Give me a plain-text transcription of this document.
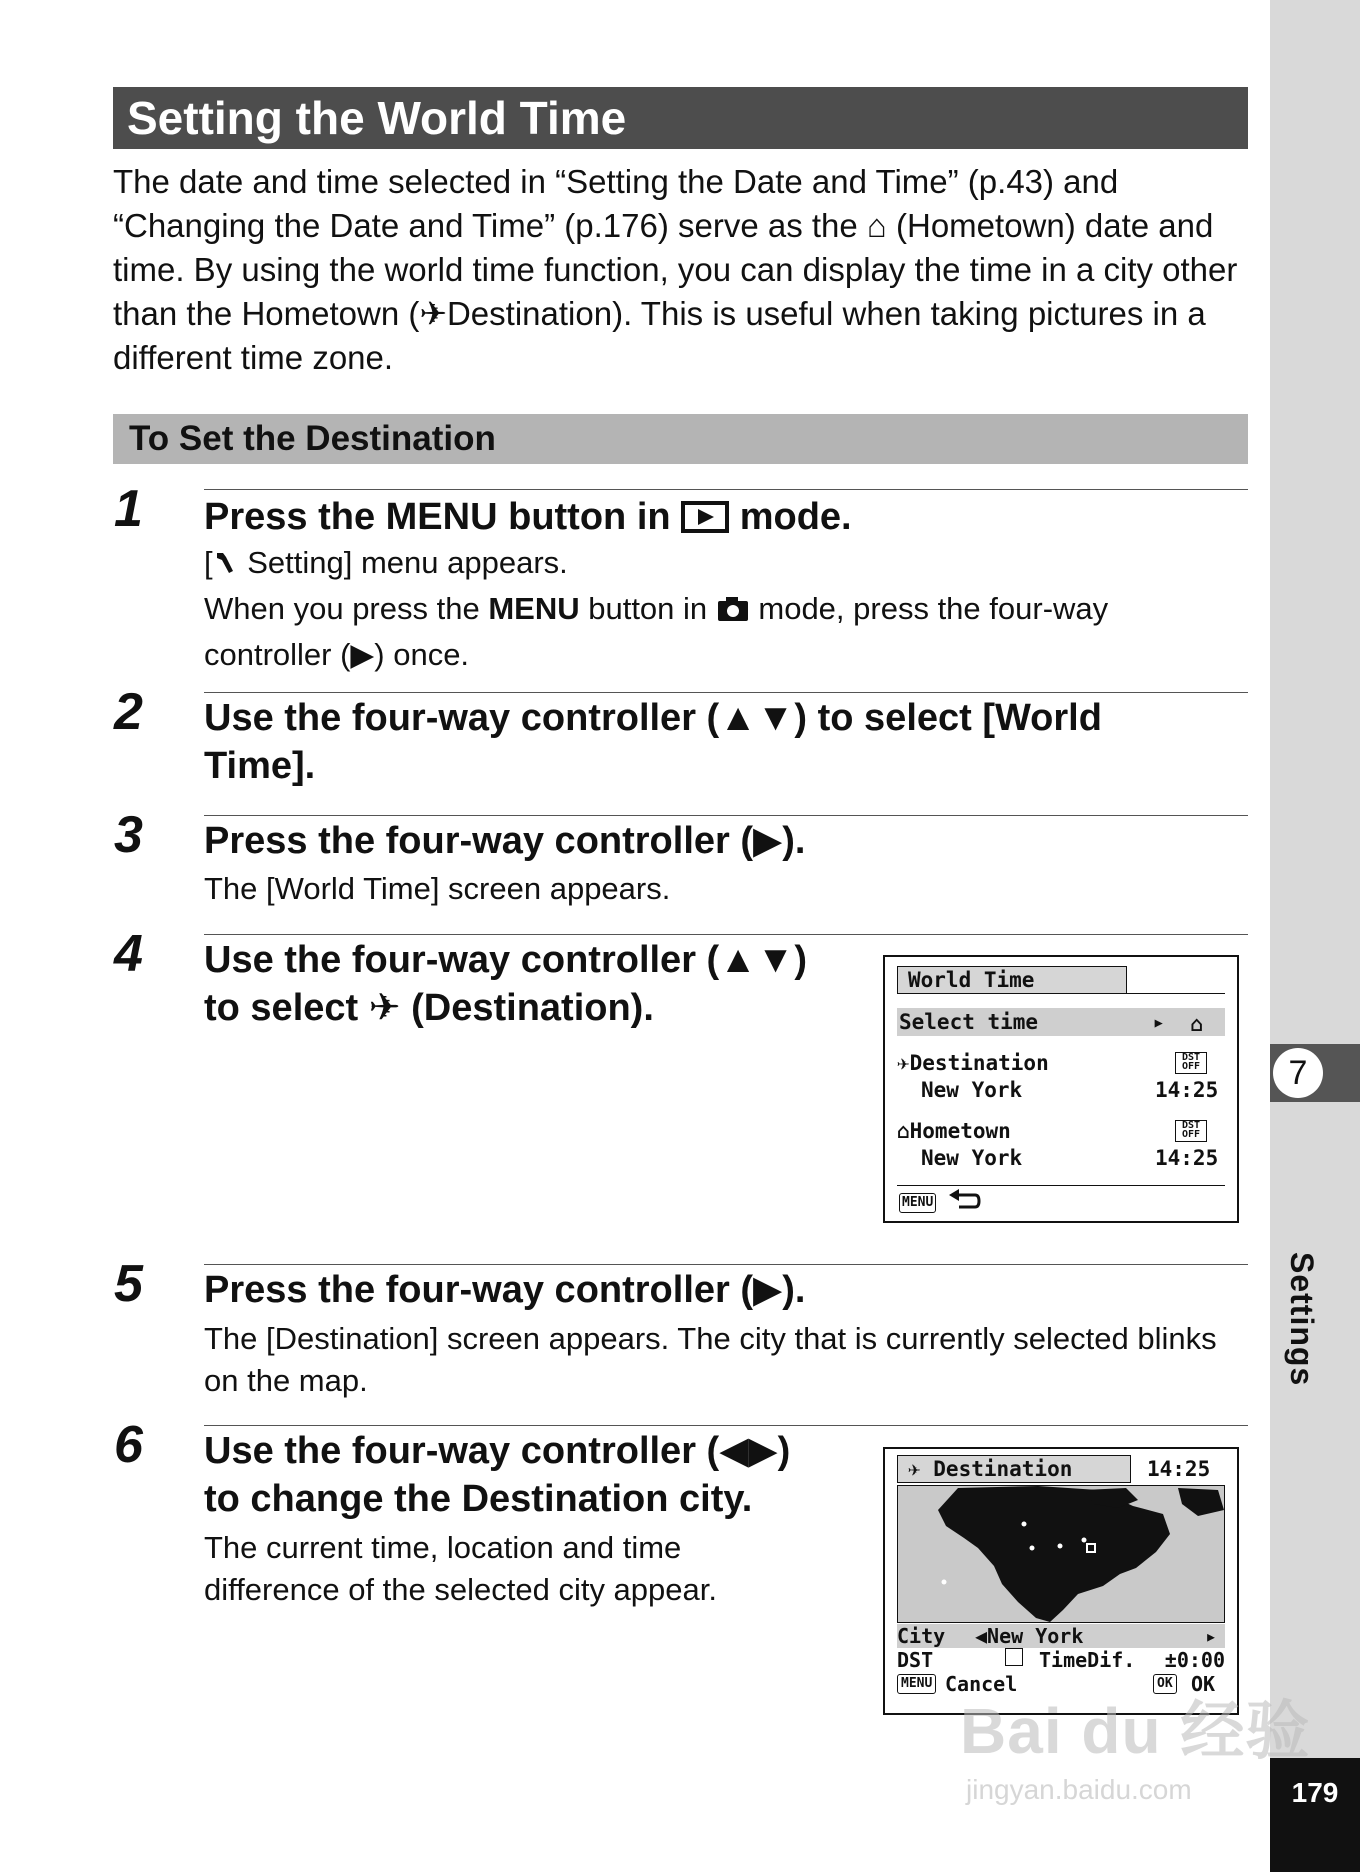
7
Settings
179
Setting the World Time

The date and time selected in “Setting the Date and Time” (p.43) and “Changing the Date and Time” (p.176) serve as the ⌂ (Hometown) date and time. By using the world time function, you can display the time in a city other than the Hometown (✈Destination). This is useful when taking pictures in a different time zone.

To Set the Destination
1 Press the MENU button in  mode.
[ Setting] menu appears.
When you press the MENU button in  mode, press the four-way
controller (▶) once.
2 Use the four-way controller (▲▼) to select [World Time].
3 Press the four-way controller (▶).
The [World Time] screen appears.
4 Use the four-way controller (▲▼)
to select ✈ (Destination).
World Time
Select time	▸ ⌂
✈Destination
New York	14:25
DST OFF
⌂Hometown
New York	14:25
DST OFF
MENU
5 Press the four-way controller (▶).
The [Destination] screen appears. The city that is currently selected blinks on the map.
6 Use the four-way controller (◀▶)
to change the Destination city.
The current time, location and time difference of the selected city appear.
✈ Destination	14:25
City ◀New York	▸
DST	TimeDif. ±0:00
MENU Cancel	OK OK
Bai du 经验
jingyan.baidu.com
